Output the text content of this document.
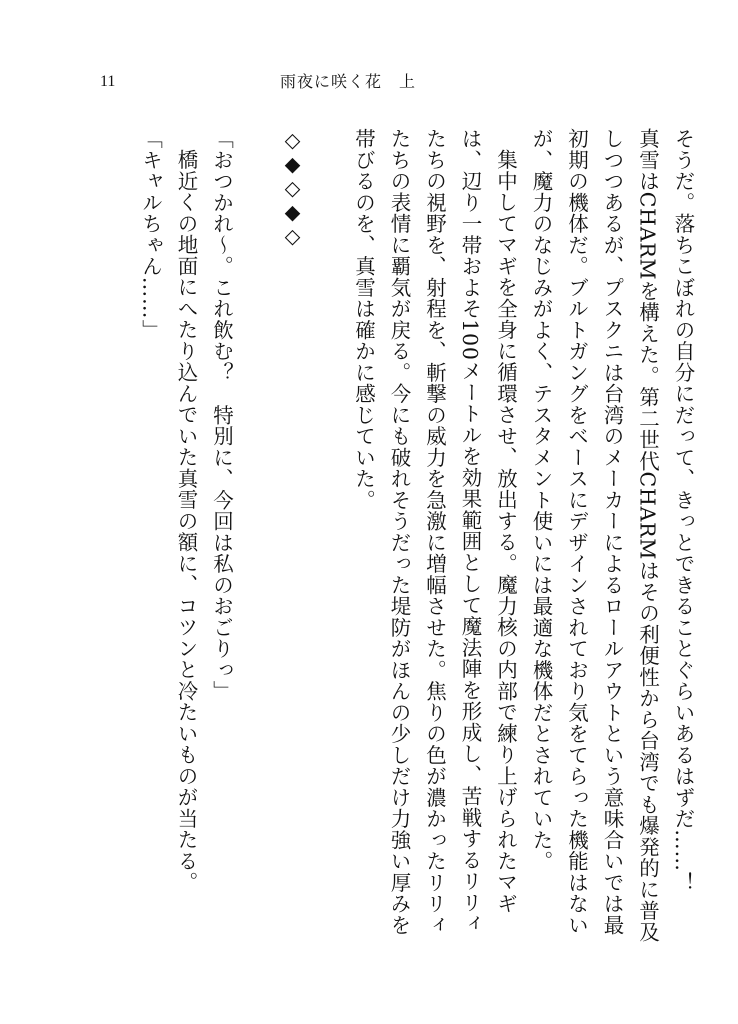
11	雨夜に咲く花　上

そうだ。落ちこぼれの自分にだって、きっとできることぐらいあるはずだ……！

真雪はCHARMを構えた。第二世代CHARMはその利便性から台湾でも爆発的に普及しつつあるが、プスクニは台湾のメーカーによるロールアウトという意味合いでは最初期の機体だ。ブルトガングをベースにデザインされており気をてらった機能はないが、魔力のなじみがよく、テスタメント使いには最適な機体だとされていた。

集中してマギを全身に循環させ、放出する。魔力核の内部で練り上げられたマギは、辺り一帯およそ100メートルを効果範囲として魔法陣を形成し、苦戦するリリィたちの視野を、射程を、斬撃の威力を急激に増幅させた。焦りの色が濃かったリリィたちの表情に覇気が戻る。今にも破れそうだった堤防がほんの少しだけ力強い厚みを帯びるのを、真雪は確かに感じていた。

◇◆◇◆◇

「おつかれ～。これ飲む？　特別に、今回は私のおごりっ」

橋近くの地面にへたり込んでいた真雪の額に、コツンと冷たいものが当たる。

「キャルちゃん……」
